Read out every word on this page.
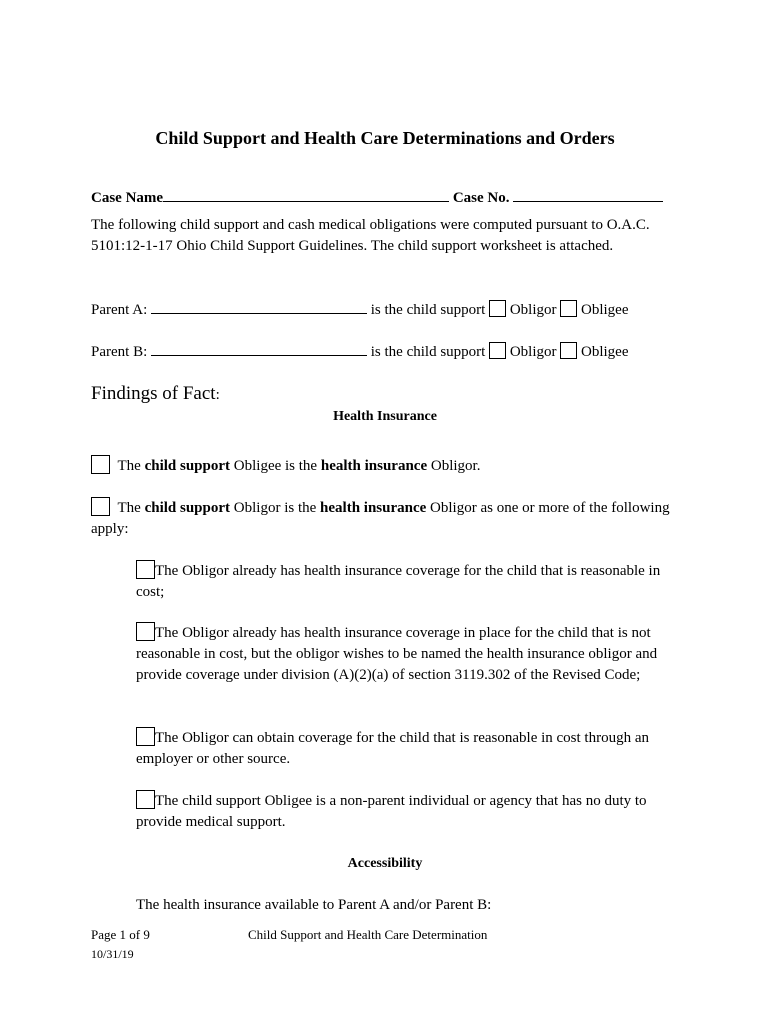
Child Support and Health Care Determinations and Orders
Case Name	Case No.
The following child support and cash medical obligations were computed pursuant to O.A.C. 5101:12-1-17 Ohio Child Support Guidelines. The child support worksheet is attached.
Parent A:	is the child support Obligor Obligee
Parent B:	is the child support Obligor Obligee
Findings of Fact:
Health Insurance
The child support Obligee is the health insurance Obligor.
The child support Obligor is the health insurance Obligor as one or more of the following apply:
The Obligor already has health insurance coverage for the child that is reasonable in cost;
The Obligor already has health insurance coverage in place for the child that is not reasonable in cost, but the obligor wishes to be named the health insurance obligor and provide coverage under division (A)(2)(a) of section 3119.302 of the Revised Code;
The Obligor can obtain coverage for the child that is reasonable in cost through an employer or other source.
The child support Obligee is a non-parent individual or agency that has no duty to provide medical support.
Accessibility
The health insurance available to Parent A and/or Parent B:
Page 1 of 9	Child Support and Health Care Determination
10/31/19
